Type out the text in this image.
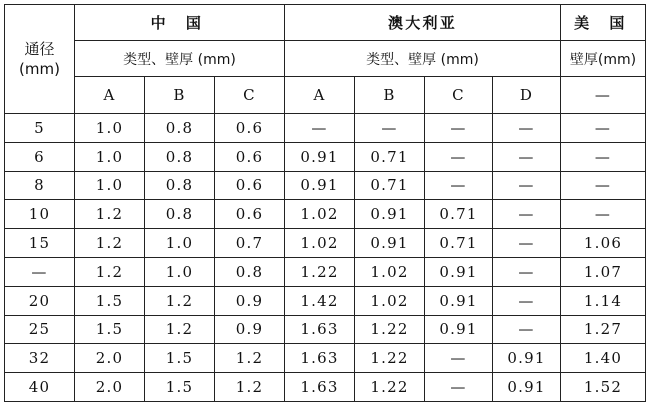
通径
(mm)	中 国			澳大利亚				美 国
	类型、壁厚 (mm)			类型、壁厚 (mm)				壁厚(mm)
	A	B	C	A	B	C	D	—
5	1.0	0.8	0.6	—	—	—	—	—
6	1.0	0.8	0.6	0.91	0.71	—	—	—
8	1.0	0.8	0.6	0.91	0.71	—	—	—
10	1.2	0.8	0.6	1.02	0.91	0.71	—	—
15	1.2	1.0	0.7	1.02	0.91	0.71	—	1.06
—	1.2	1.0	0.8	1.22	1.02	0.91	—	1.07
20	1.5	1.2	0.9	1.42	1.02	0.91	—	1.14
25	1.5	1.2	0.9	1.63	1.22	0.91	—	1.27
32	2.0	1.5	1.2	1.63	1.22	—	0.91	1.40
40	2.0	1.5	1.2	1.63	1.22	—	0.91	1.52
